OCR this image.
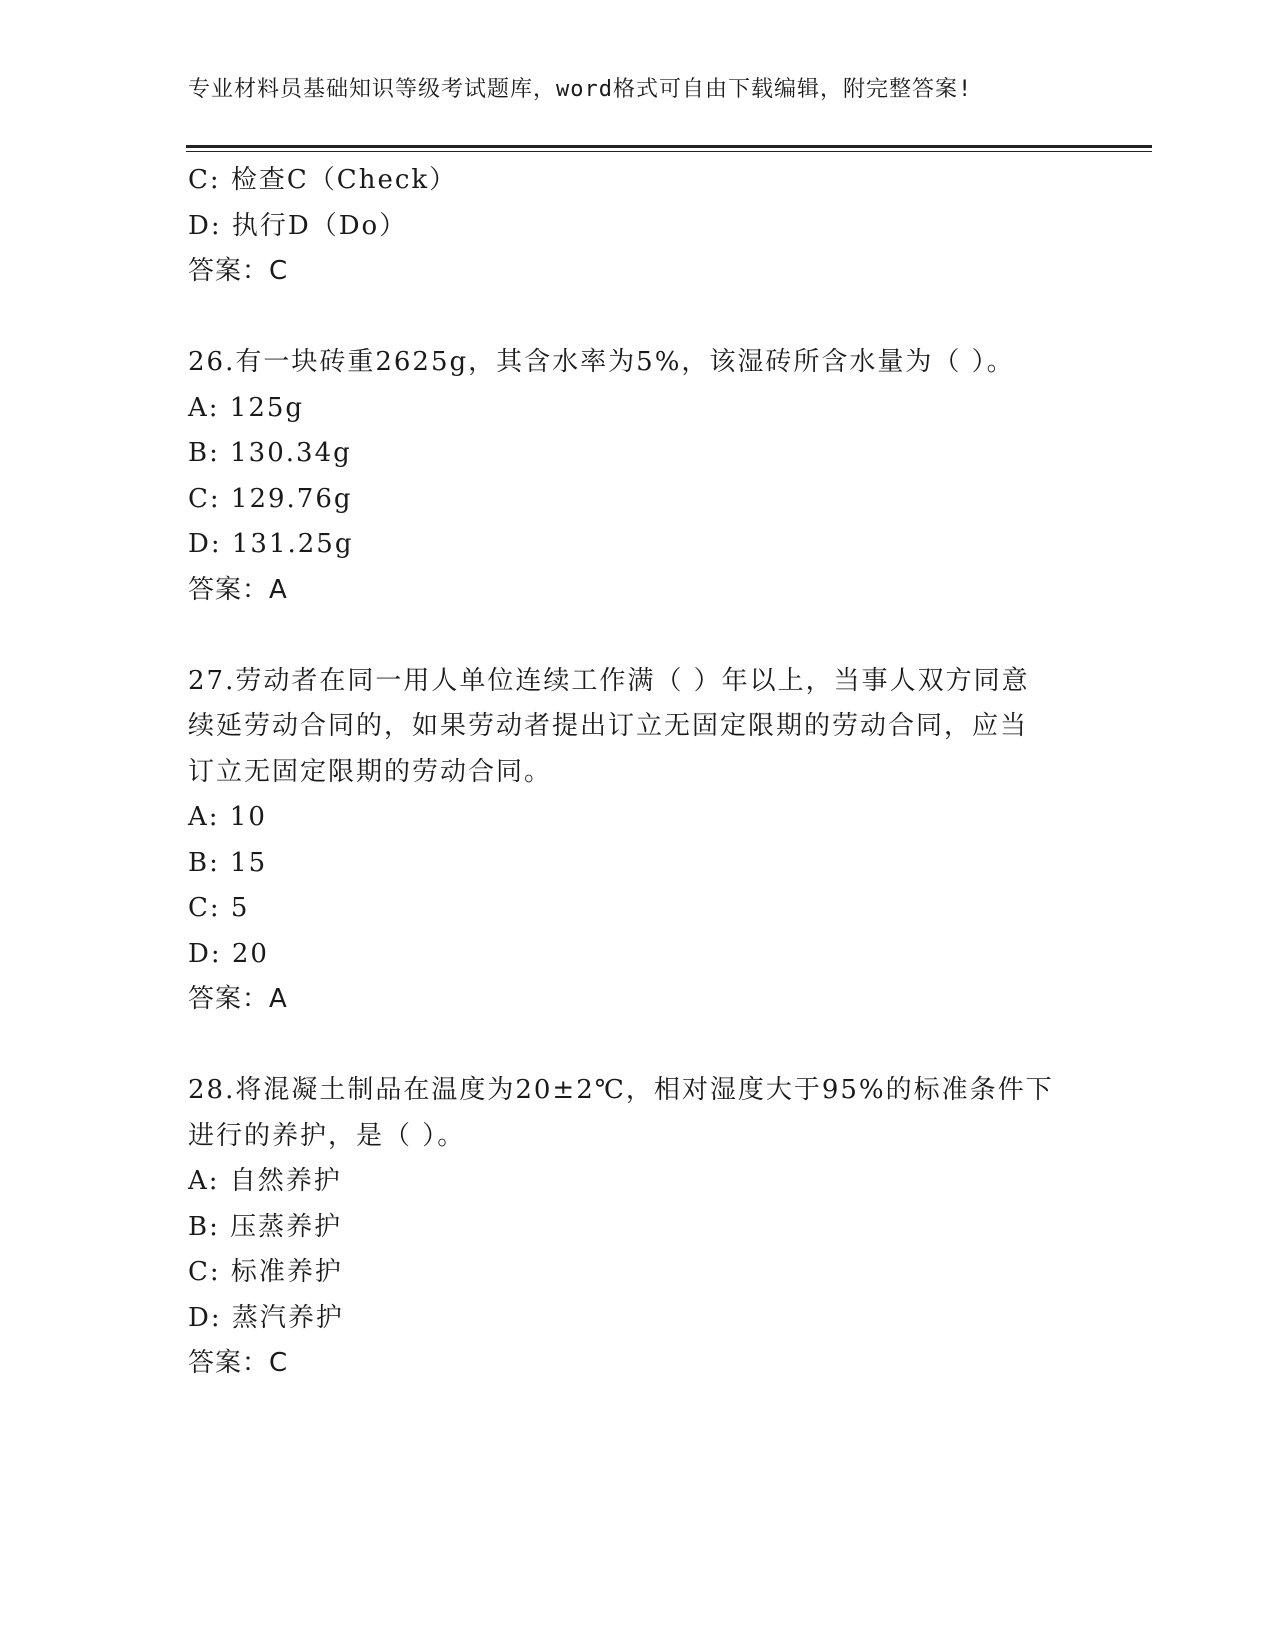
专业材料员基础知识等级考试题库，word格式可自由下载编辑，附完整答案!
C: 检查C（Check）
D: 执行D（Do）
答案：C
26.有一块砖重2625g，其含水率为5%，该湿砖所含水量为（ ）。
A: 125g
B: 130.34g
C: 129.76g
D: 131.25g
答案：A
27.劳动者在同一用人单位连续工作满（ ）年以上，当事人双方同意
续延劳动合同的，如果劳动者提出订立无固定限期的劳动合同，应当
订立无固定限期的劳动合同。
A: 10
B: 15
C: 5
D: 20
答案：A
28.将混凝土制品在温度为20±2℃，相对湿度大于95%的标准条件下
进行的养护，是（ ）。
A: 自然养护
B: 压蒸养护
C: 标准养护
D: 蒸汽养护
答案：C
